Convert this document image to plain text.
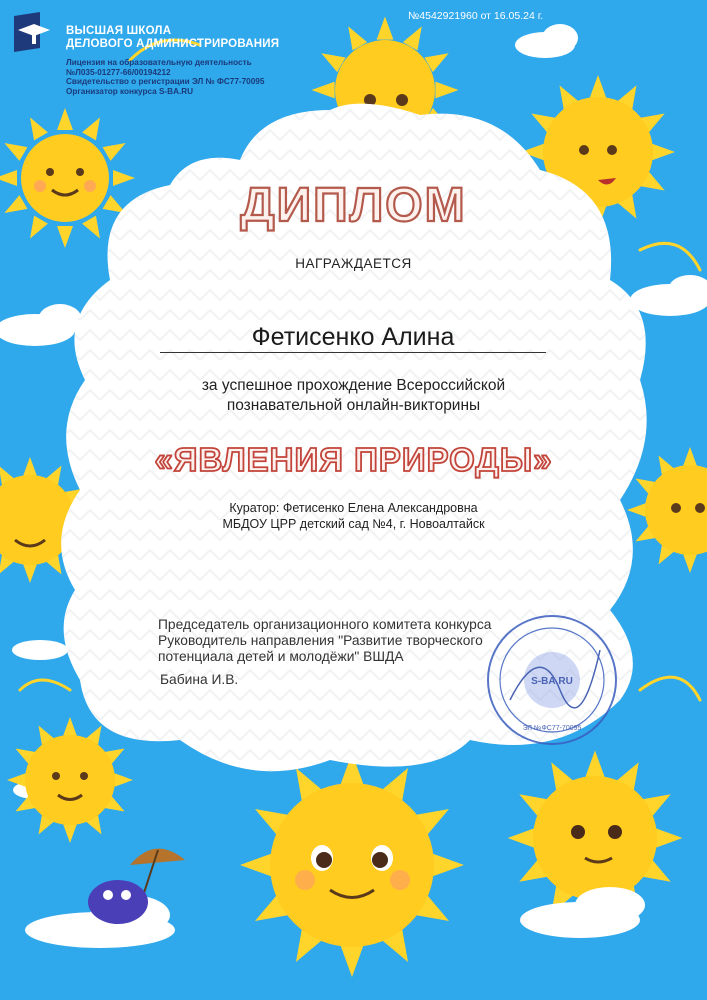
S-BA.RU
ЭЛ №ФС77-70095
ВЫСШАЯ ШКОЛА
ДЕЛОВОГО АДМИНИСТРИРОВАНИЯ
Лицензия на образовательную деятельность
№Л035-01277-66/00194212
Свидетельство о регистрации ЭЛ № ФС77-70095
Организатор конкурса S-BA.RU
№4542921960 от 16.05.24 г.
ДИПЛОМ
НАГРАЖДАЕТСЯ
Фетисенко Алина
за успешное прохождение Всероссийской
познавательной онлайн-викторины
«ЯВЛЕНИЯ ПРИРОДЫ»
Куратор: Фетисенко Елена Александровна
МБДОУ ЦРР детский сад №4, г. Новоалтайск
Председатель организационного комитета конкурса
Руководитель направления "Развитие творческого
потенциала детей и молодёжи" ВШДА
Бабина И.В.
